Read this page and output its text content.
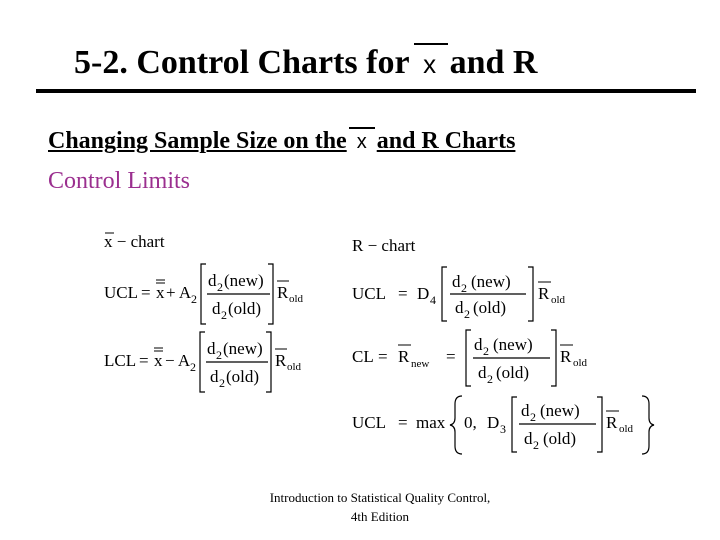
5-2. Control Charts for x and R
Changing Sample Size on the x and R Charts
Control Limits
x − chart
UCL = x + A 2
d 2 (new)
d 2 (old)
R old
LCL = x − A 2
d 2 (new)
d 2 (old)
R old
R − chart
UCL = D 4
d 2 (new)
d 2 (old)
R old
CL = R new =
d 2 (new)
d 2 (old)
R old
UCL = max 0, D 3
d 2 (new)
d 2 (old)
R old
Introduction to Statistical Quality Control,
4th Edition
